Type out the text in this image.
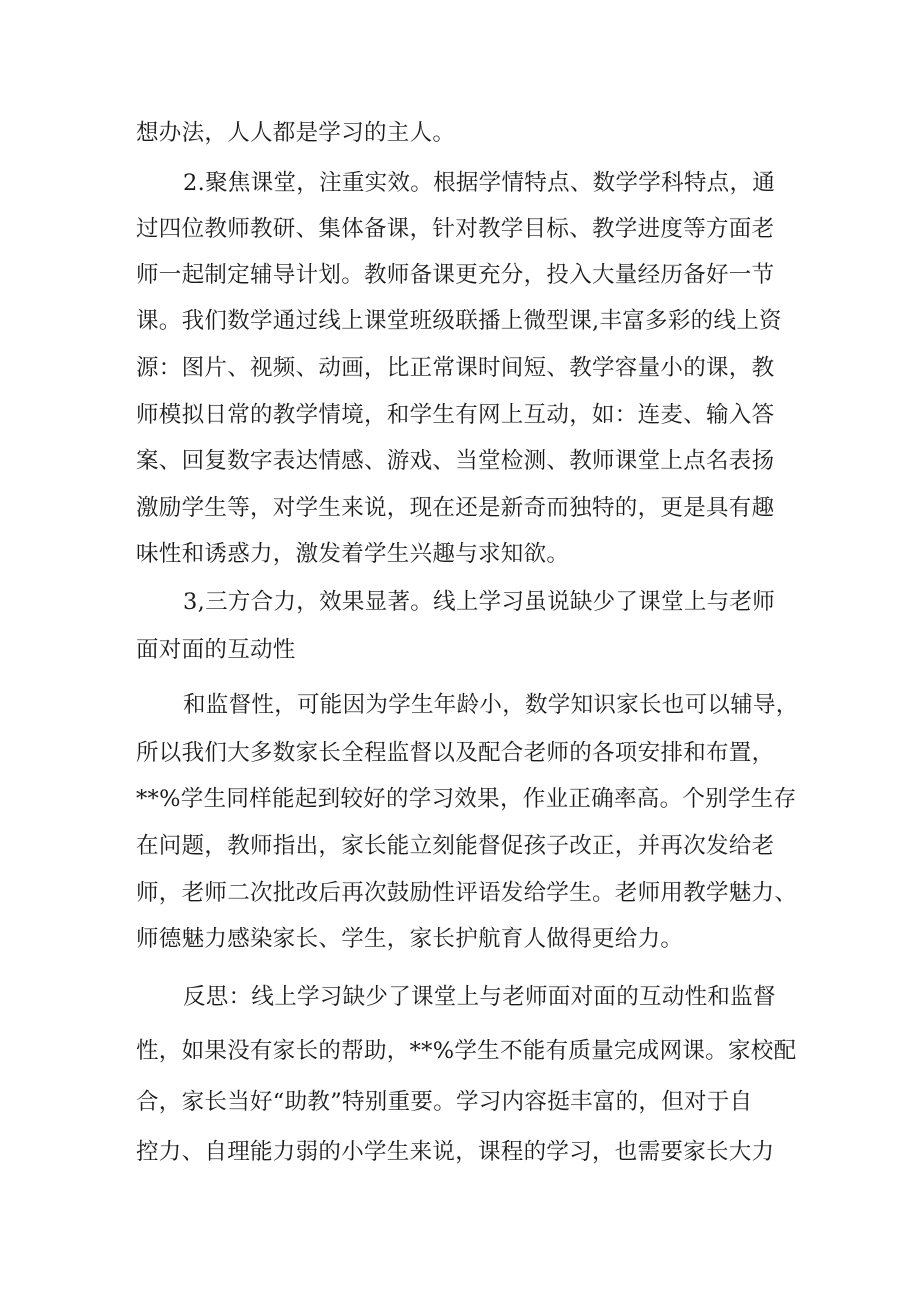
想办法，人人都是学习的主人。
2.聚焦课堂，注重实效。根据学情特点、数学学科特点，通
过四位教师教研、集体备课，针对教学目标、教学进度等方面老
师一起制定辅导计划。教师备课更充分，投入大量经历备好一节
课。我们数学通过线上课堂班级联播上微型课,丰富多彩的线上资
源：图片、视频、动画，比正常课时间短、教学容量小的课，教
师模拟日常的教学情境，和学生有网上互动，如：连麦、输入答
案、回复数字表达情感、游戏、当堂检测、教师课堂上点名表扬
激励学生等，对学生来说，现在还是新奇而独特的，更是具有趣
味性和诱惑力，激发着学生兴趣与求知欲。
3,三方合力，效果显著。线上学习虽说缺少了课堂上与老师
面对面的互动性
和监督性，可能因为学生年龄小，数学知识家长也可以辅导，
所以我们大多数家长全程监督以及配合老师的各项安排和布置，
**%学生同样能起到较好的学习效果，作业正确率高。个别学生存
在问题，教师指出，家长能立刻能督促孩子改正，并再次发给老
师，老师二次批改后再次鼓励性评语发给学生。老师用教学魅力、
师德魅力感染家长、学生，家长护航育人做得更给力。
反思：线上学习缺少了课堂上与老师面对面的互动性和监督
性，如果没有家长的帮助，**%学生不能有质量完成网课。家校配
合，家长当好“助教”特别重要。学习内容挺丰富的，但对于自
控力、自理能力弱的小学生来说，课程的学习，也需要家长大力
